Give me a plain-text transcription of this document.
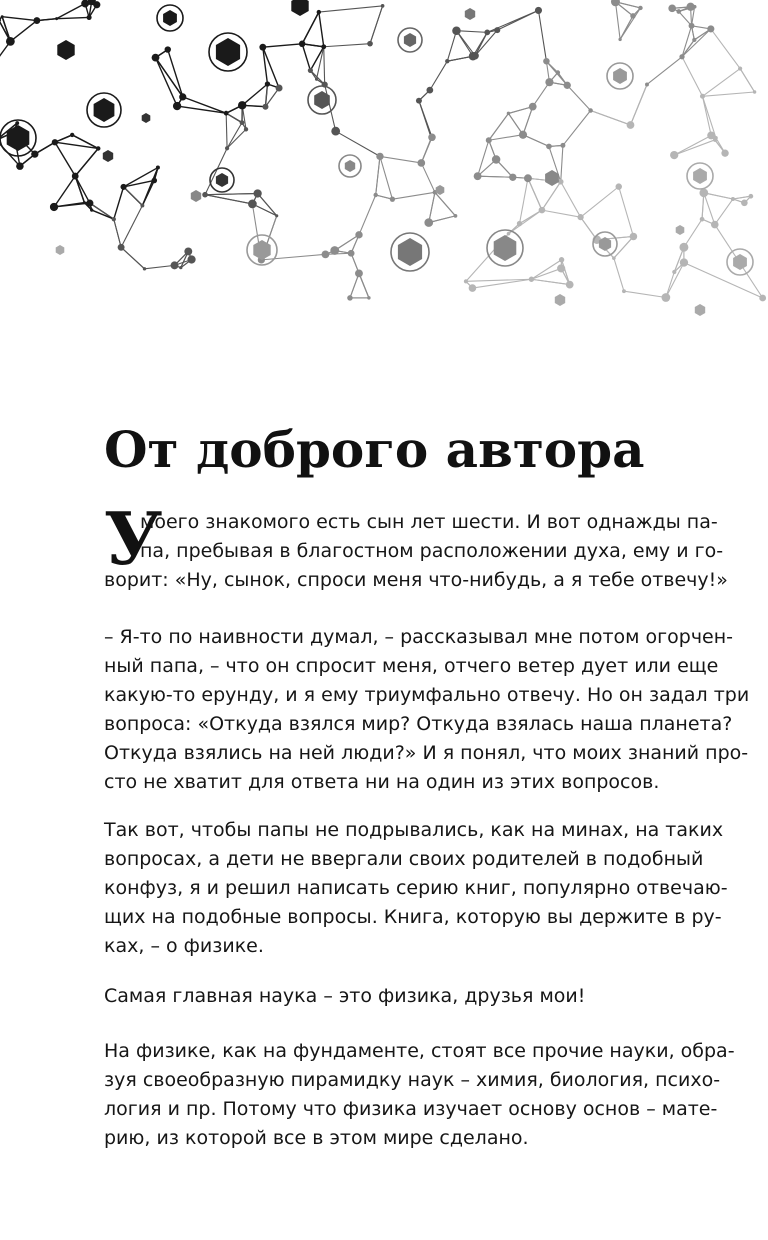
От доброго автора
У
моего знакомого есть сын лет шести. И вот однажды па-
па, пребывая в благостном расположении духа, ему и го-
ворит: «Ну, сынок, спроси меня что-нибудь, а я тебе отвечу!»
– Я-то по наивности думал, – рассказывал мне потом огорчен-
ный папа, – что он спросит меня, отчего ветер дует или еще
какую-то ерунду, и я ему триумфально отвечу. Но он задал три
вопроса: «Откуда взялся мир? Откуда взялась наша планета?
Откуда взялись на ней люди?» И я понял, что моих знаний про-
сто не хватит для ответа ни на один из этих вопросов.
Так вот, чтобы папы не подрывались, как на минах, на таких
вопросах, а дети не ввергали своих родителей в подобный
конфуз, я и решил написать серию книг, популярно отвечаю-
щих на подобные вопросы. Книга, которую вы держите в ру-
ках, – о физике.
Самая главная наука – это физика, друзья мои!
На физике, как на фундаменте, стоят все прочие науки, обра-
зуя своеобразную пирамидку наук – химия, биология, психо-
логия и пр. Потому что физика изучает основу основ – мате-
рию, из которой все в этом мире сделано.
